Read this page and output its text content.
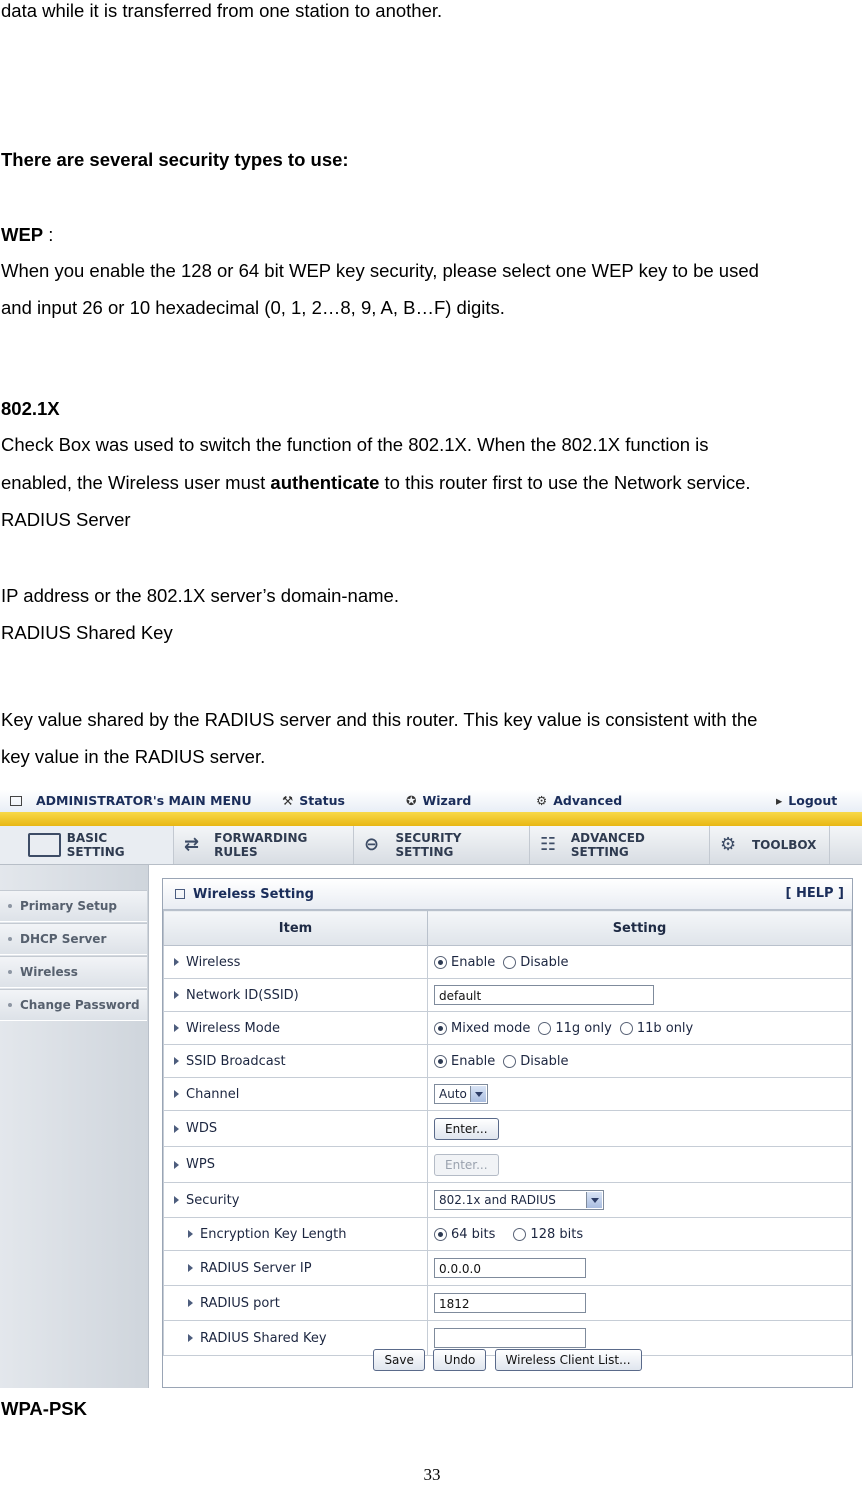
data while it is transferred from one station to another.
There are several security types to use:
WEP :
When you enable the 128 or 64 bit WEP key security, please select one WEP key to be used
and input 26 or 10 hexadecimal (0, 1, 2…8, 9, A, B…F) digits.
802.1X
Check Box was used to switch the function of the 802.1X. When the 802.1X function is
enabled, the Wireless user must authenticate to this router first to use the Network service.
RADIUS Server
IP address or the 802.1X server’s domain-name.
RADIUS Shared Key
Key value shared by the RADIUS server and this router. This key value is consistent with the
key value in the RADIUS server.
ADMINISTRATOR's MAIN MENU ⚒ Status	✪ Wizard	⚙ Advanced	▸ Logout
BASIC SETTING	⇄	FORWARDING RULES	⊖	SECURITY SETTING	☷	ADVANCED SETTING	⚙	TOOLBOX
Primary Setup
DHCP Server
Wireless
Change Password
Wireless Setting	[ HELP ]
Item	Setting
Wireless	Enable Disable
Network ID(SSID)	default
Wireless Mode	Mixed mode 11g only 11b only
SSID Broadcast	Enable Disable
Channel	Auto

WDS	Enter...
WPS	Enter...
Security	802.1x and RADIUS

Encryption Key Length	64 bits 128 bits
RADIUS Server IP	0.0.0.0
RADIUS port	1812
RADIUS Shared Key	
Save	Undo	Wireless Client List...
WPA-PSK
33
